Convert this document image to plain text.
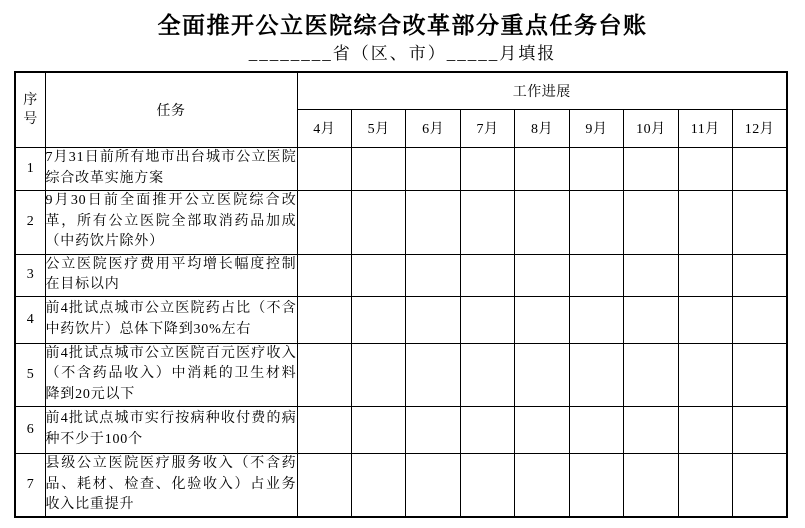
全面推开公立医院综合改革部分重点任务台账
________省（区、市）_____月填报
序号	任务	工作进展								
		4月	5月	6月	7月	8月	9月	10月	11月	12月
1	7月31日前所有地市出台城市公立医院综合改革实施方案									
2	9月30日前全面推开公立医院综合改革，所有公立医院全部取消药品加成（中药饮片除外）									
3	公立医院医疗费用平均增长幅度控制在目标以内									
4	前4批试点城市公立医院药占比（不含中药饮片）总体下降到30%左右									
5	前4批试点城市公立医院百元医疗收入（不含药品收入）中消耗的卫生材料降到20元以下									
6	前4批试点城市实行按病种收付费的病种不少于100个									
7	县级公立医院医疗服务收入（不含药品、耗材、检查、化验收入）占业务收入比重提升									
